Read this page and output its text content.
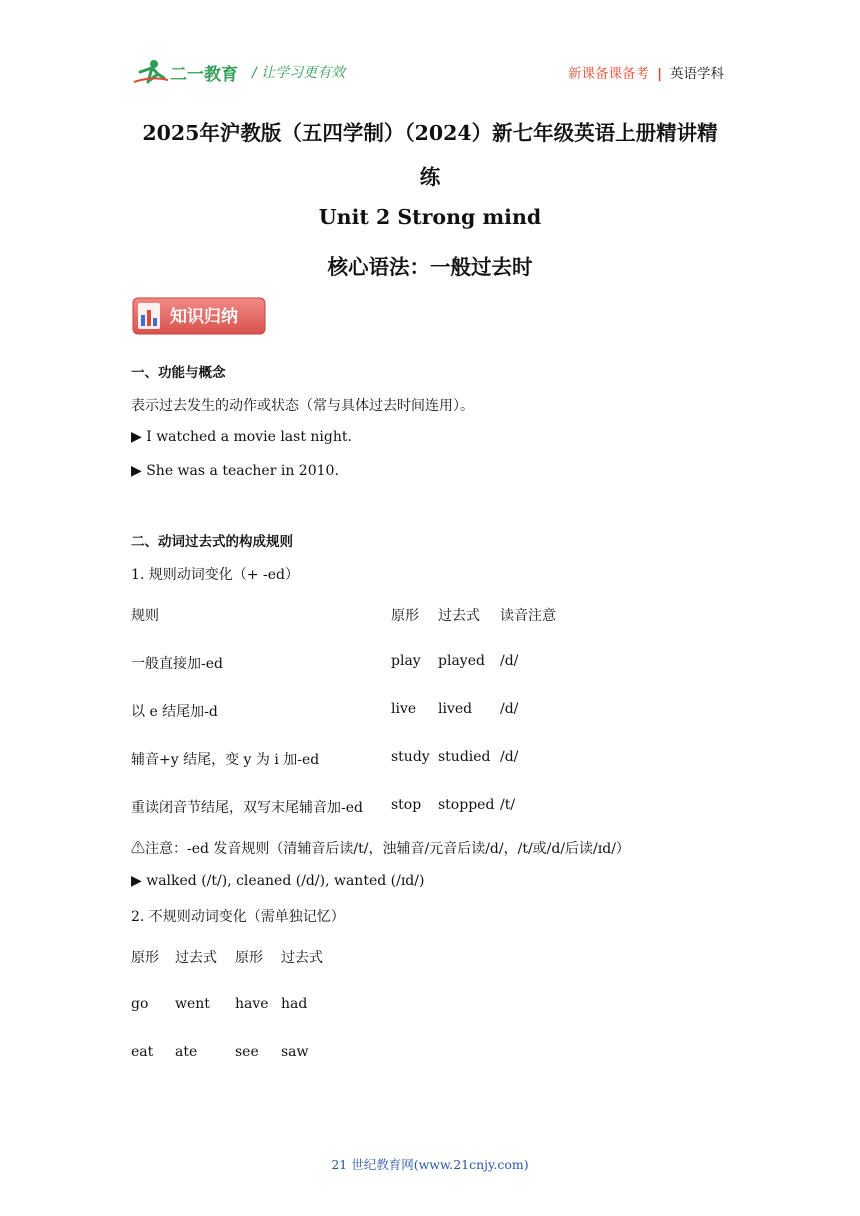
二一教育 / 让学习更有效	新课备课备考 | 英语学科
2025年沪教版（五四学制）（2024）新七年级英语上册精讲精
练
Unit 2 Strong mind
核心语法：一般过去时
知识归纳
一、功能与概念
表示过去发生的动作或状态（常与具体过去时间连用）。
▶ I watched a movie last night.
▶ She was a teacher in 2010.
二、动词过去式的构成规则
1. 规则动词变化（+ -ed）
规则	原形 过去式 读音注意
一般直接加-ed	play played /d/
以 e 结尾加-d	live lived /d/
辅音+y 结尾，变 y 为 i 加-ed	study studied /d/
重读闭音节结尾，双写末尾辅音加-ed stop stopped /t/
⚠注意：-ed 发音规则（清辅音后读/t/，浊辅音/元音后读/d/，/t/或/d/后读/ɪd/）
▶ walked (/t/), cleaned (/d/), wanted (/ɪd/)
2. 不规则动词变化（需单独记忆）
原形 过去式 原形 过去式
go went have had
eat ate	see saw
21 世纪教育网(www.21cnjy.com)
